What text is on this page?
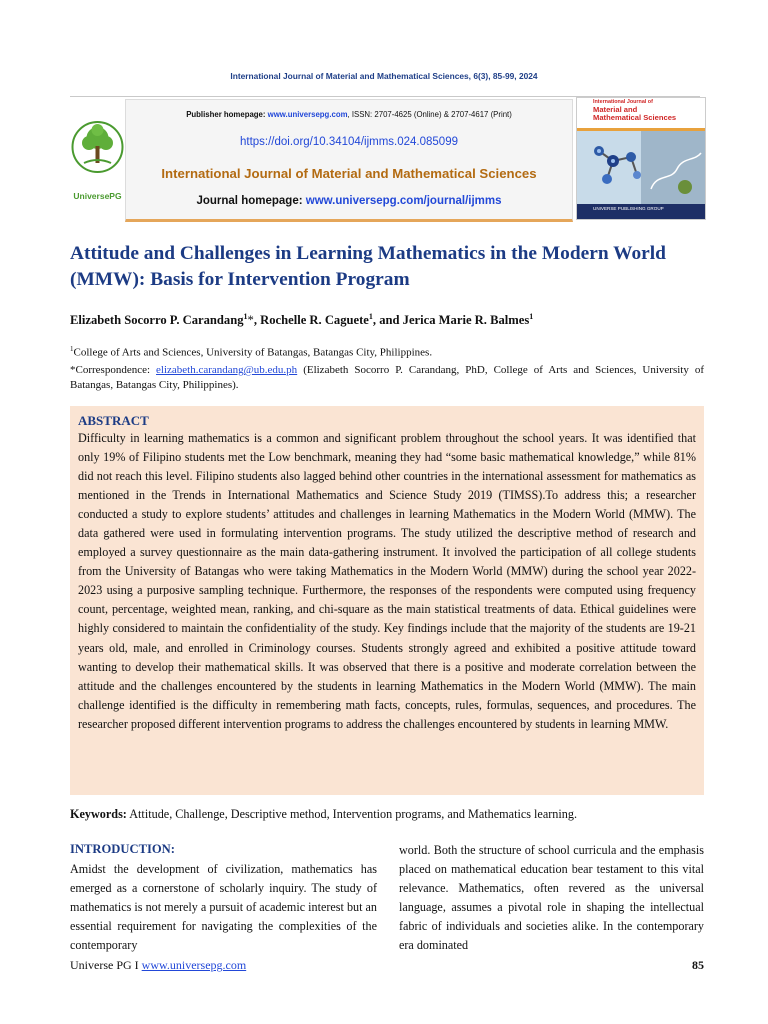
International Journal of Material and Mathematical Sciences, 6(3), 85-99, 2024
UniversePG
Publisher homepage: www.universepg.com, ISSN: 2707-4625 (Online) & 2707-4617 (Print)
https://doi.org/10.34104/ijmms.024.085099
International Journal of Material and Mathematical Sciences
Journal homepage: www.universepg.com/journal/ijmms
International Journal of
Material and
Mathematical Sciences
UNIVERSE PUBLISHING GROUP
Attitude and Challenges in Learning Mathematics in the Modern World
(MMW): Basis for Intervention Program
Elizabeth Socorro P. Carandang$^1$*, Rochelle R. Caguete$^1$, and Jerica Marie R. Balmes$^1$
$^1$College of Arts and Sciences, University of Batangas, Batangas City, Philippines.
*Correspondence: elizabeth.carandang@ub.edu.ph (Elizabeth Socorro P. Carandang, PhD, College of Arts and Sciences, University of Batangas, Batangas City, Philippines).

ABSTRACT

Difficulty in learning mathematics is a common and significant problem throughout the school years. It was identified that only 19% of Filipino students met the Low benchmark, meaning they had “some basic mathematical knowledge,” while 81% did not reach this level. Filipino students also lagged behind other countries in the international assessment for mathematics as mentioned in the Trends in International Mathematics and Science Study 2019 (TIMSS).To address this; a researcher conducted a study to explore students’ attitudes and challenges in learning Mathematics in the Modern World (MMW). The data gathered were used in formulating intervention programs. The study utilized the descriptive method of research and employed a survey questionnaire as the main data-gathering instrument. It involved the participation of all college students from the University of Batangas who were taking Mathematics in the Modern World (MMW) during the school year 2022-2023 using a purposive sampling technique. Furthermore, the responses of the respondents were computed using frequency count, percentage, weighted mean, ranking, and chi-square as the main statistical treatments of data. Ethical guidelines were highly considered to maintain the confidentiality of the study. Key findings include that the majority of the students are 19-21 years old, male, and enrolled in Criminology courses. Students strongly agreed and exhibited a positive attitude toward wanting to develop their mathematical skills. It was observed that there is a positive and moderate correlation between the attitude and the challenges encountered by the students in learning Mathematics in the Modern World (MMW). The main challenge identified is the difficulty in remembering math facts, concepts, rules, formulas, sequences, and procedures. The researcher proposed different intervention programs to address the challenges encountered by students in learning MMW.

Keywords: Attitude, Challenge, Descriptive method, Intervention programs, and Mathematics learning.

INTRODUCTION:

Amidst the development of civilization, mathematics has emerged as a cornerstone of scholarly inquiry. The study of mathematics is not merely a pursuit of academic interest but an essential requirement for navigating the complexities of the contemporary

world. Both the structure of school curricula and the emphasis placed on mathematical education bear testament to this vital relevance. Mathematics, often revered as the universal language, assumes a pivotal role in shaping the intellectual fabric of individuals and societies alike. In the contemporary era dominated

Universe PG I www.universepg.com	85
